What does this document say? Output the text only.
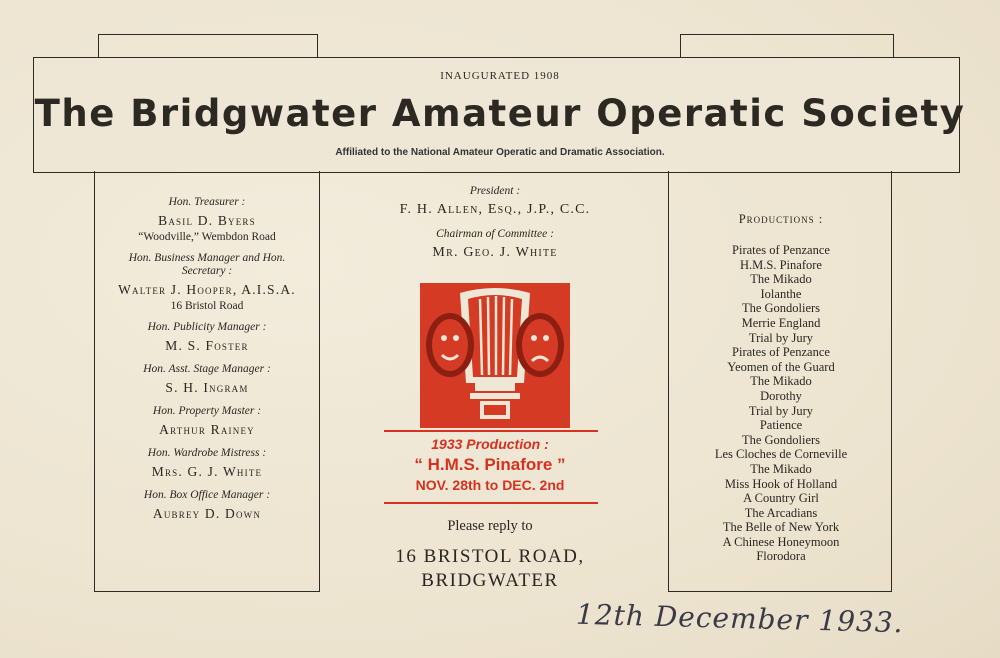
INAUGURATED 1908
The Bridgwater Amateur Operatic Society
Affiliated to the National Amateur Operatic and Dramatic Association.
Hon. Treasurer :
Basil D. Byers
“Woodville,” Wembdon Road
Hon. Business Manager and Hon. Secretary :
Walter J. Hooper, A.I.S.A.
16 Bristol Road
Hon. Publicity Manager :
M. S. Foster
Hon. Asst. Stage Manager :
S. H. Ingram
Hon. Property Master :
Arthur Rainey
Hon. Wardrobe Mistress :
Mrs. G. J. White
Hon. Box Office Manager :
Aubrey D. Down
President :
F. H. Allen, Esq., J.P., C.C.
Chairman of Committee :
Mr. Geo. J. White
1933 Production :
“ H.M.S. Pinafore ”
NOV. 28th to DEC. 2nd
Please reply to
16 BRISTOL ROAD,
BRIDGWATER
Productions :
Pirates of Penzance
H.M.S. Pinafore
The Mikado
Iolanthe
The Gondoliers
Merrie England
Trial by Jury
Pirates of Penzance
Yeomen of the Guard
The Mikado
Dorothy
Trial by Jury
Patience
The Gondoliers
Les Cloches de Corneville
The Mikado
Miss Hook of Holland
A Country Girl
The Arcadians
The Belle of New York
A Chinese Honeymoon
Florodora
12th December 1933.
